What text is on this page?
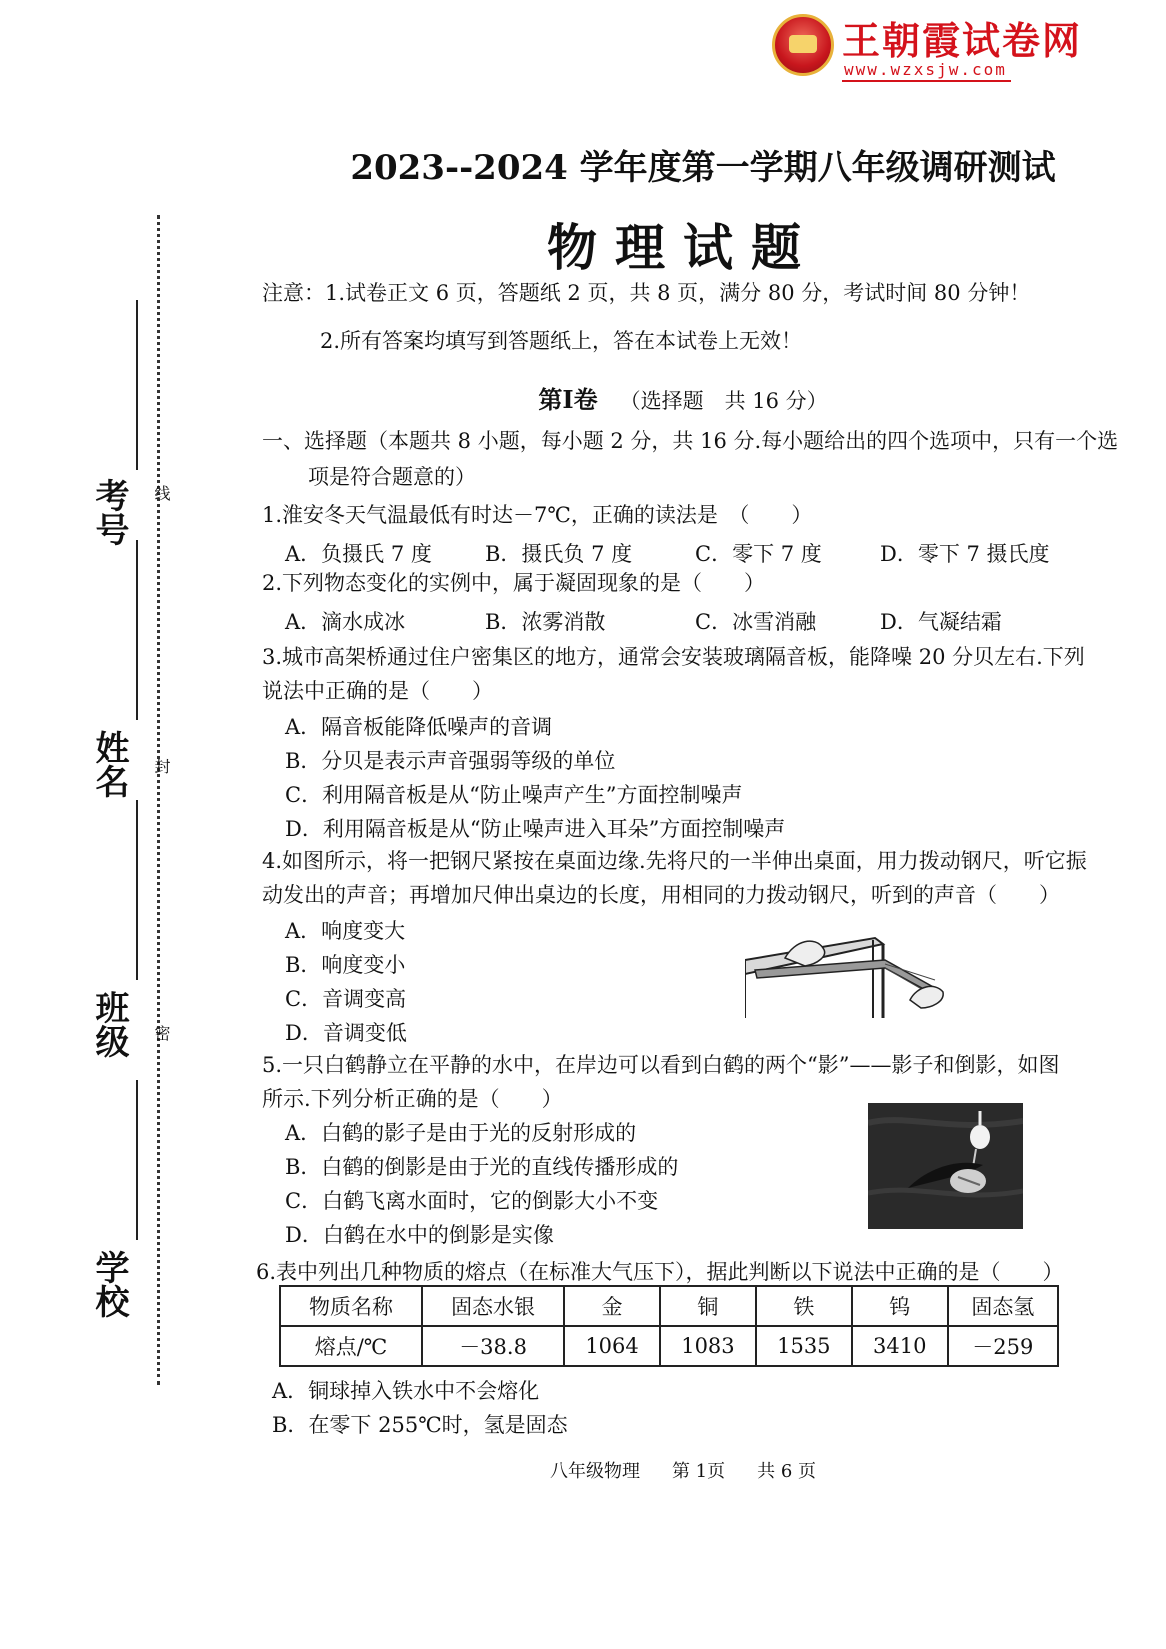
王朝霞试卷网
www.wzxsjw.com
学校
班级
姓名
考号	线
封
密
2023--2024 学年度第一学期八年级调研测试
物理试题
注意：1.试卷正文 6 页，答题纸 2 页，共 8 页，满分 80 分，考试时间 80 分钟！
2.所有答案均填写到答题纸上，答在本试卷上无效！
第Ⅰ卷 （选择题　共 16 分）
一、选择题（本题共 8 小题，每小题 2 分，共 16 分.每小题给出的四个选项中，只有一个选
项是符合题意的）
1.淮安冬天气温最低有时达－7℃，正确的读法是　（　　）
A．负摄氏 7 度	B．摄氏负 7 度	C．零下 7 度	D．零下 7 摄氏度
2.下列物态变化的实例中，属于凝固现象的是（　　）
A．滴水成冰	B．浓雾消散	C．冰雪消融	D．气凝结霜
3.城市高架桥通过住户密集区的地方，通常会安装玻璃隔音板，能降噪 20 分贝左右.下列
说法中正确的是（　　）
A．隔音板能降低噪声的音调
B．分贝是表示声音强弱等级的单位
C．利用隔音板是从“防止噪声产生”方面控制噪声
D．利用隔音板是从“防止噪声进入耳朵”方面控制噪声
4.如图所示，将一把钢尺紧按在桌面边缘.先将尺的一半伸出桌面，用力拨动钢尺，听它振
动发出的声音；再增加尺伸出桌边的长度，用相同的力拨动钢尺，听到的声音（　　）
A．响度变大
B．响度变小
C．音调变高
D．音调变低
5.一只白鹤静立在平静的水中，在岸边可以看到白鹤的两个“影”——影子和倒影，如图
所示.下列分析正确的是（　　）
A．白鹤的影子是由于光的反射形成的
B．白鹤的倒影是由于光的直线传播形成的
C．白鹤飞离水面时，它的倒影大小不变
D．白鹤在水中的倒影是实像
6.表中列出几种物质的熔点（在标准大气压下），据此判断以下说法中正确的是（　　）
物质名称	固态水银	金	铜	铁	钨	固态氢
熔点/℃	－38.8	1064	1083	1535	3410	－259
A．铜球掉入铁水中不会熔化
B．在零下 255℃时，氢是固态
八年级物理 第 1页 共 6 页
